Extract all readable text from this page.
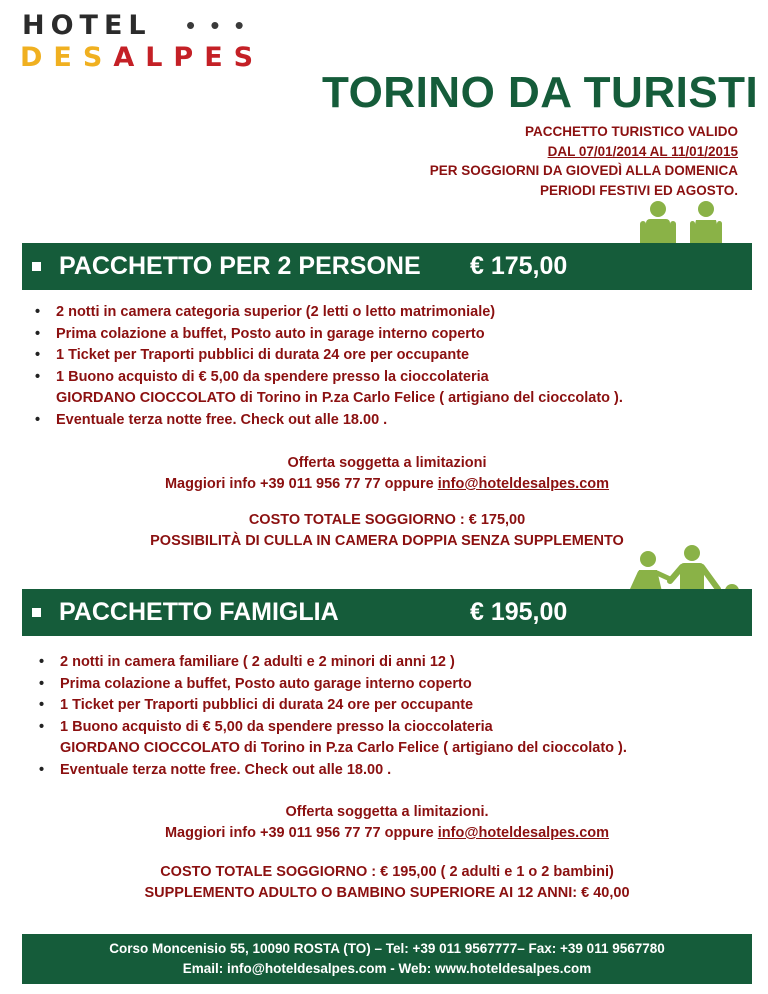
HOTEL • • •
DESALPES
TORINO DA TURISTI
PACCHETTO TURISTICO VALIDO
DAL 07/01/2014 AL 11/01/2015
PER SOGGIORNI DA GIOVEDÌ ALLA DOMENICA
PERIODI FESTIVI ED AGOSTO.
PACCHETTO PER 2 PERSONE € 175,00
• 2 notti in camera categoria superior (2 letti o letto matrimoniale)
• Prima colazione a buffet, Posto auto in garage interno coperto
• 1 Ticket per Traporti pubblici di durata 24 ore per occupante
• 1 Buono acquisto di € 5,00 da spendere presso la cioccolateria
GIORDANO CIOCCOLATO di Torino in P.za Carlo Felice ( artigiano del cioccolato ).
• Eventuale terza notte free. Check out alle 18.00 .
Offerta soggetta a limitazioni
Maggiori info +39 011 956 77 77 oppure info@hoteldesalpes.com
COSTO TOTALE SOGGIORNO : € 175,00
POSSIBILITÀ DI CULLA IN CAMERA DOPPIA SENZA SUPPLEMENTO
PACCHETTO FAMIGLIA	€ 195,00
• 2 notti in camera familiare ( 2 adulti e 2 minori di anni 12 )
• Prima colazione a buffet, Posto auto garage interno coperto
• 1 Ticket per Traporti pubblici di durata 24 ore per occupante
• 1 Buono acquisto di € 5,00 da spendere presso la cioccolateria
GIORDANO CIOCCOLATO di Torino in P.za Carlo Felice ( artigiano del cioccolato ).
• Eventuale terza notte free. Check out alle 18.00 .
Offerta soggetta a limitazioni.
Maggiori info +39 011 956 77 77 oppure info@hoteldesalpes.com
COSTO TOTALE SOGGIORNO : € 195,00 ( 2 adulti e 1 o 2 bambini)
SUPPLEMENTO ADULTO O BAMBINO SUPERIORE AI 12 ANNI: € 40,00
Corso Moncenisio 55, 10090 ROSTA (TO) – Tel: +39 011 9567777– Fax: +39 011 9567780
Email: info@hoteldesalpes.com - Web: www.hoteldesalpes.com
